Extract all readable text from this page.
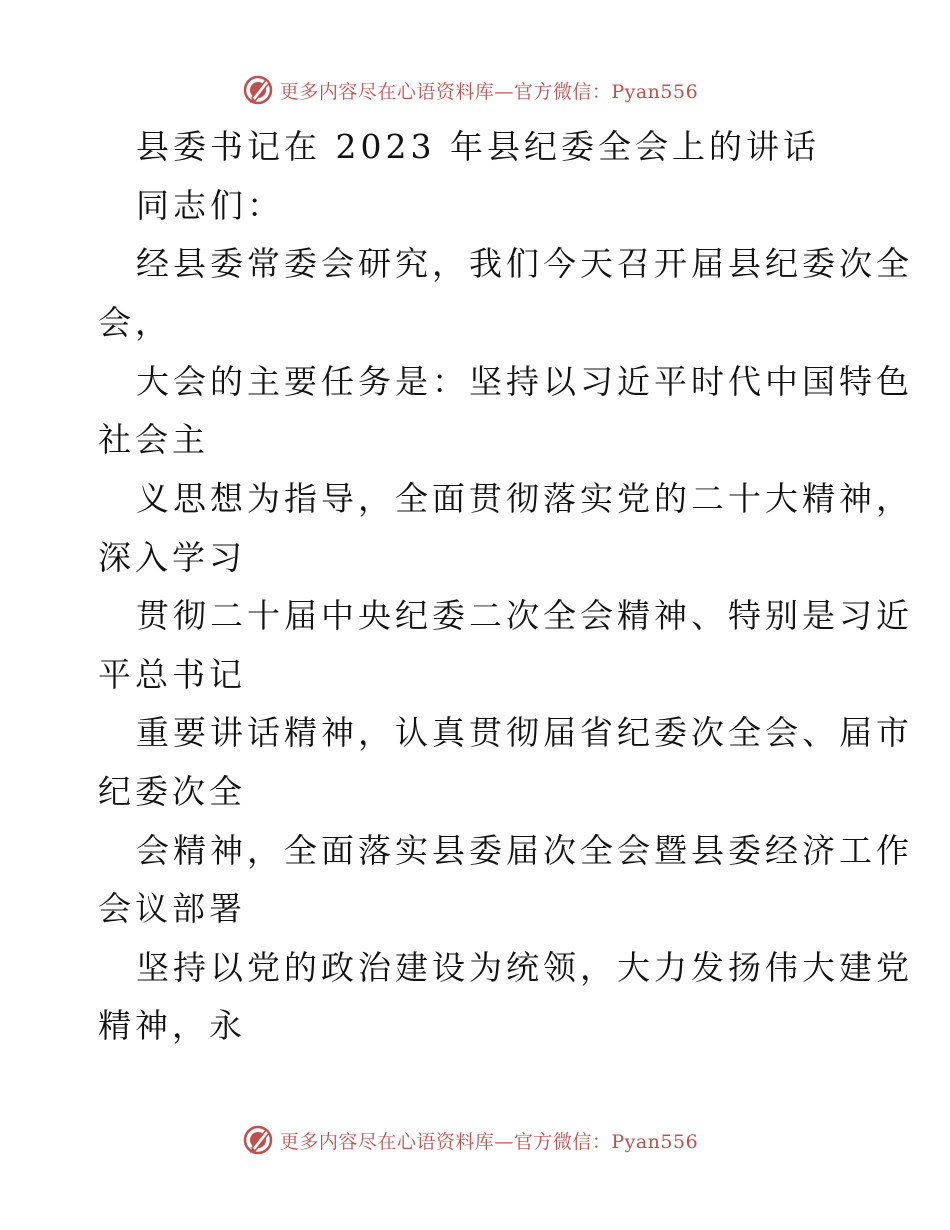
更多内容尽在心语资料库—官方微信：Pyan556
县委书记在 2023 年县纪委全会上的讲话
同志们：
经县委常委会研究，我们今天召开届县纪委次全
会，
大会的主要任务是：坚持以习近平时代中国特色
社会主
义思想为指导，全面贯彻落实党的二十大精神，
深入学习
贯彻二十届中央纪委二次全会精神、特别是习近
平总书记
重要讲话精神，认真贯彻届省纪委次全会、届市
纪委次全
会精神，全面落实县委届次全会暨县委经济工作
会议部署
坚持以党的政治建设为统领，大力发扬伟大建党
精神，永
更多内容尽在心语资料库—官方微信：Pyan556
